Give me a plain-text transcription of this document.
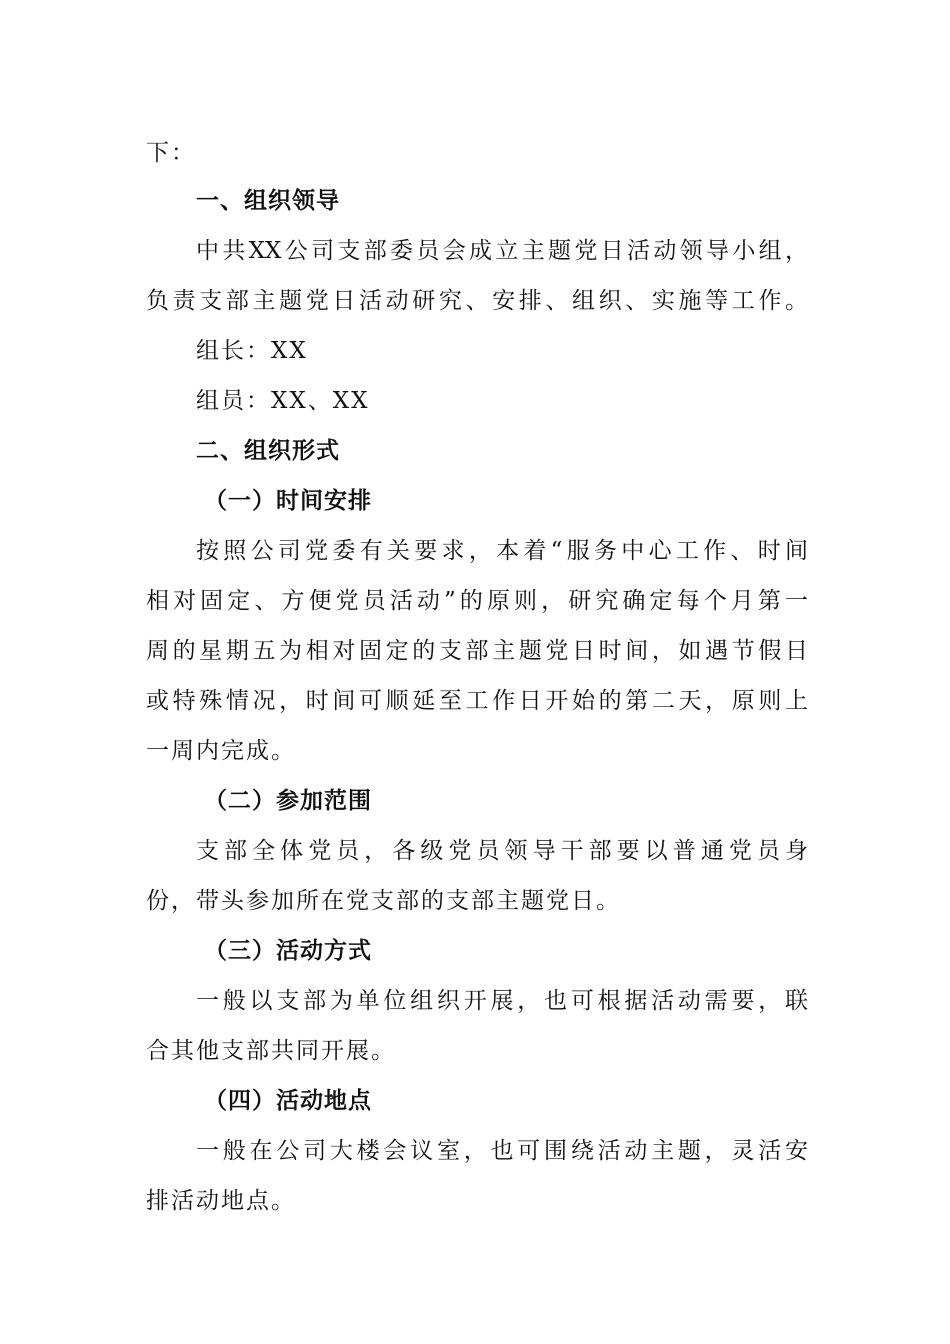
下：
一、组织领导
中共XX公司支部委员会成立主题党日活动领导小组，
负责支部主题党日活动研究、安排、组织、实施等工作。
组长：XX
组员：XX、XX
二、组织形式
（一）时间安排
按照公司党委有关要求，本着“服务中心工作、时间
相对固定、方便党员活动”的原则，研究确定每个月第一
周的星期五为相对固定的支部主题党日时间，如遇节假日
或特殊情况，时间可顺延至工作日开始的第二天，原则上
一周内完成。
（二）参加范围
支部全体党员，各级党员领导干部要以普通党员身
份，带头参加所在党支部的支部主题党日。
（三）活动方式
一般以支部为单位组织开展，也可根据活动需要，联
合其他支部共同开展。
（四）活动地点
一般在公司大楼会议室，也可围绕活动主题，灵活安
排活动地点。
